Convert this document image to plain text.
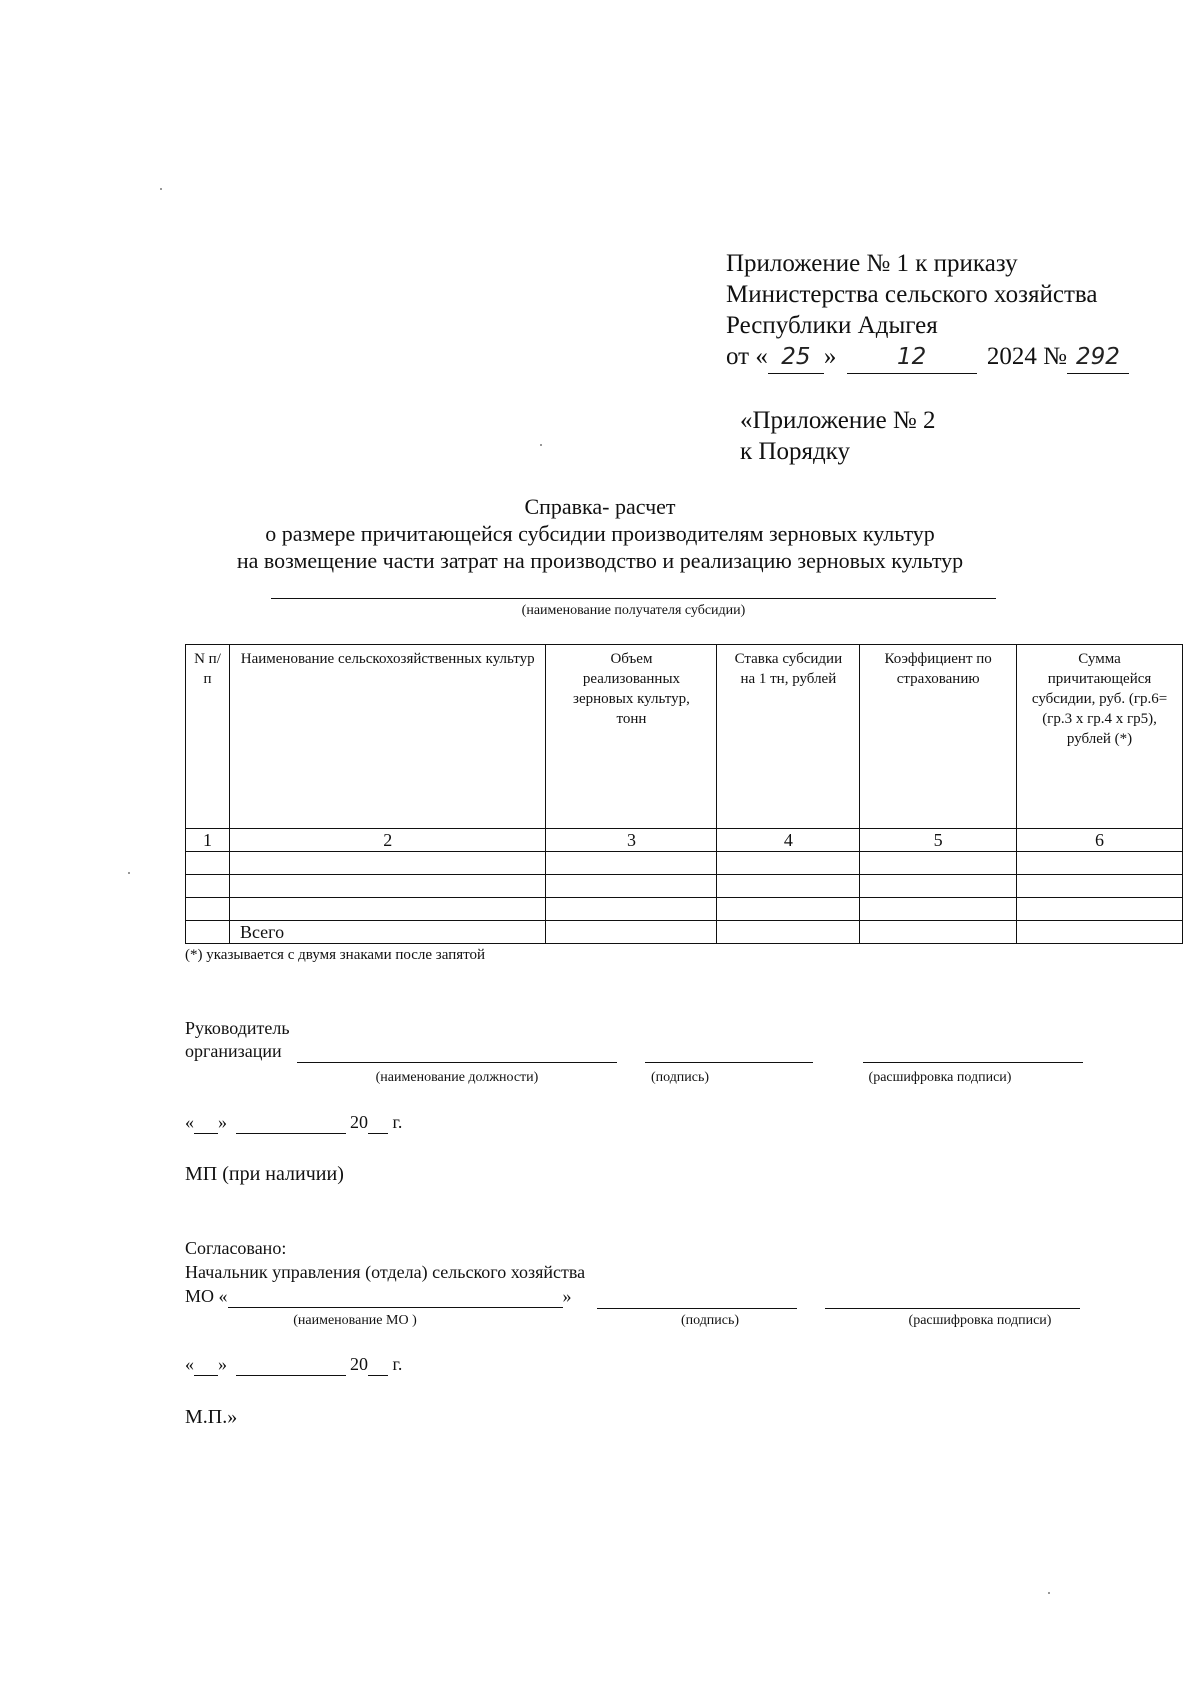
Приложение № 1 к приказу
Министерства сельского хозяйства
Республики Адыгея
от « 25 »	12 2024 № 292
«Приложение № 2
к Порядку
Справка- расчет
о размере причитающейся субсидии производителям зерновых культур
на возмещение части затрат на производство и реализацию зерновых культур
(наименование получателя субсидии)
N п/ п	Наименование сельскохозяйственных культур	Объем реализованных зерновых культур, тонн	Ставка субсидии на 1 тн, рублей	Коэффициент по страхованию	Сумма причитающейся субсидии, руб. (гр.6= (гр.3 х гр.4 х гр5), рублей (*)
1	2	3	4	5	6

	Всего				
(*) указывается с двумя знаками после запятой
Руководитель
организации
(наименование должности)	(подпись)	(расшифровка подписи)
« »	20 г.
МП (при наличии)
Согласовано:
Начальник управления (отдела) сельского хозяйства
МО «	»
(наименование МО )	(подпись)	(расшифровка подписи)
« »	20 г.
М.П.»
